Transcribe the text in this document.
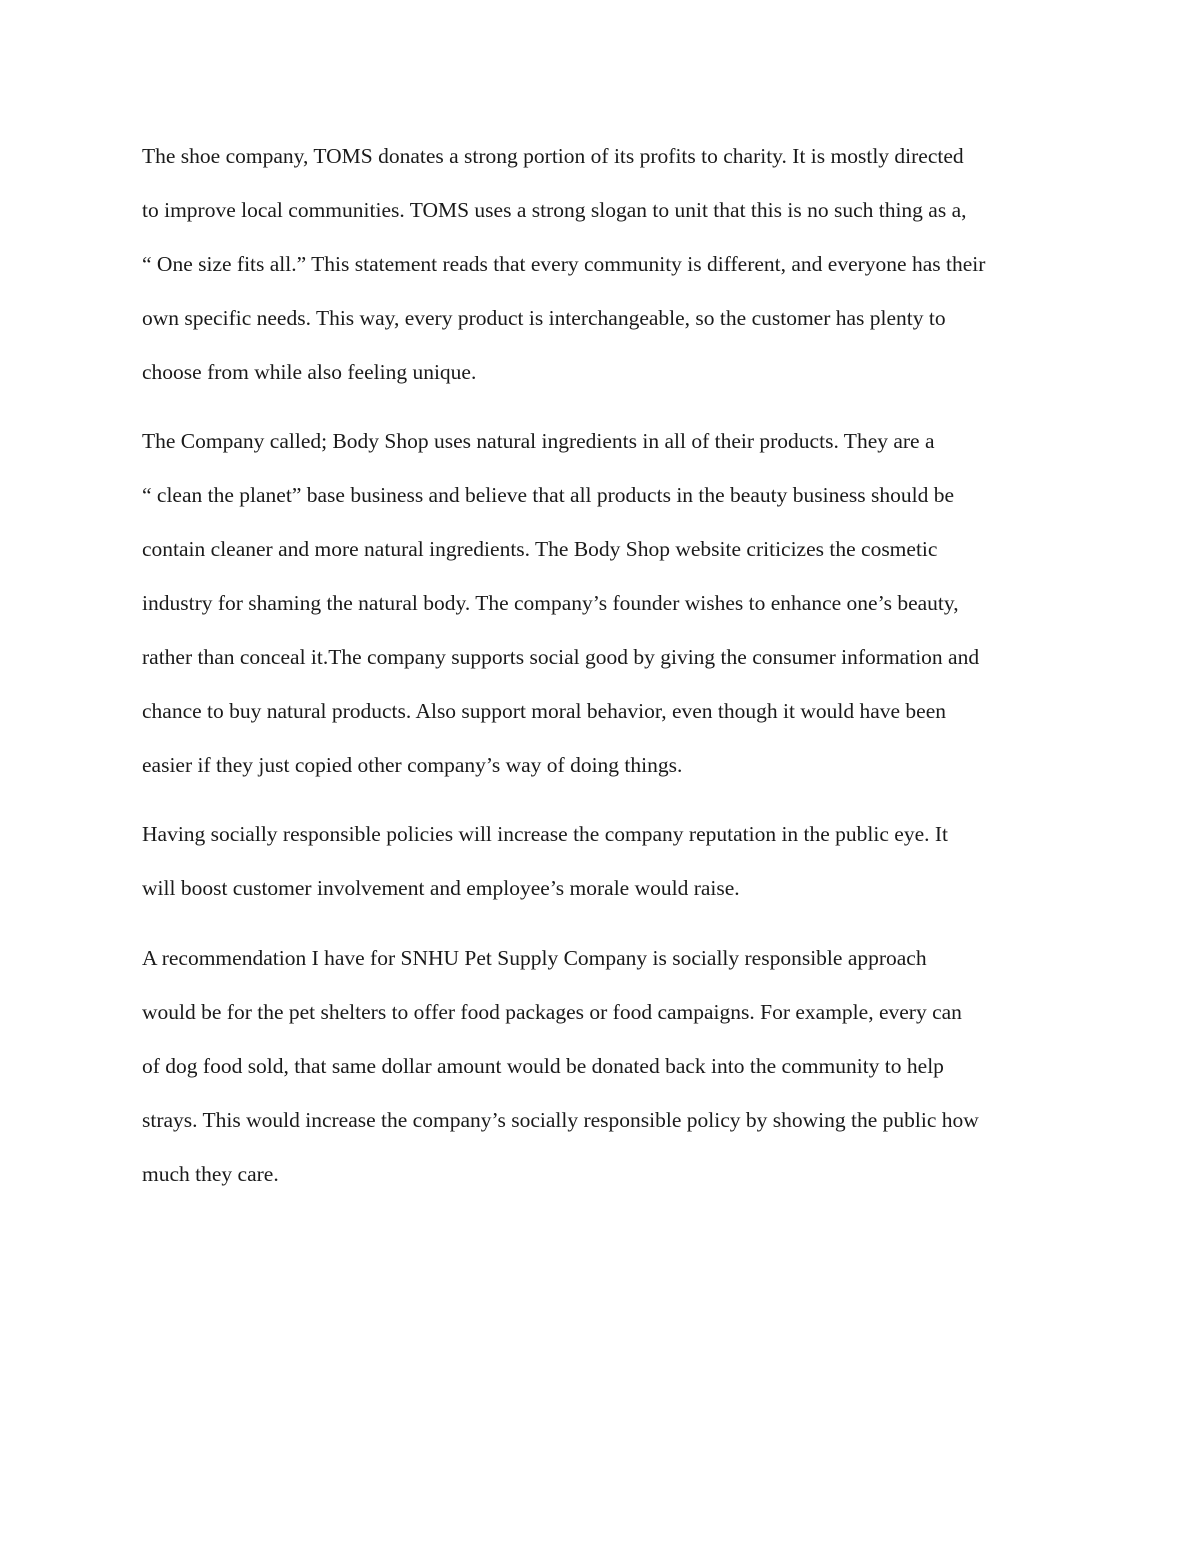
The shoe company, TOMS donates a strong portion of its profits to charity. It is mostly directed
to improve local communities. TOMS uses a strong slogan to unit that this is no such thing as a,
“ One size fits all.” This statement reads that every community is different, and everyone has their
own specific needs. This way, every product is interchangeable, so the customer has plenty to
choose from while also feeling unique.
The Company called; Body Shop uses natural ingredients in all of their products. They are a
“ clean the planet” base business and believe that all products in the beauty business should be
contain cleaner and more natural ingredients. The Body Shop website criticizes the cosmetic
industry for shaming the natural body. The company’s founder wishes to enhance one’s beauty,
rather than conceal it.The company supports social good by giving the consumer information and
chance to buy natural products. Also support moral behavior, even though it would have been
easier if they just copied other company’s way of doing things.
Having socially responsible policies will increase the company reputation in the public eye. It
will boost customer involvement and employee’s morale would raise.
A recommendation I have for SNHU Pet Supply Company is socially responsible approach
would be for the pet shelters to offer food packages or food campaigns. For example, every can
of dog food sold, that same dollar amount would be donated back into the community to help
strays. This would increase the company’s socially responsible policy by showing the public how
much they care.
